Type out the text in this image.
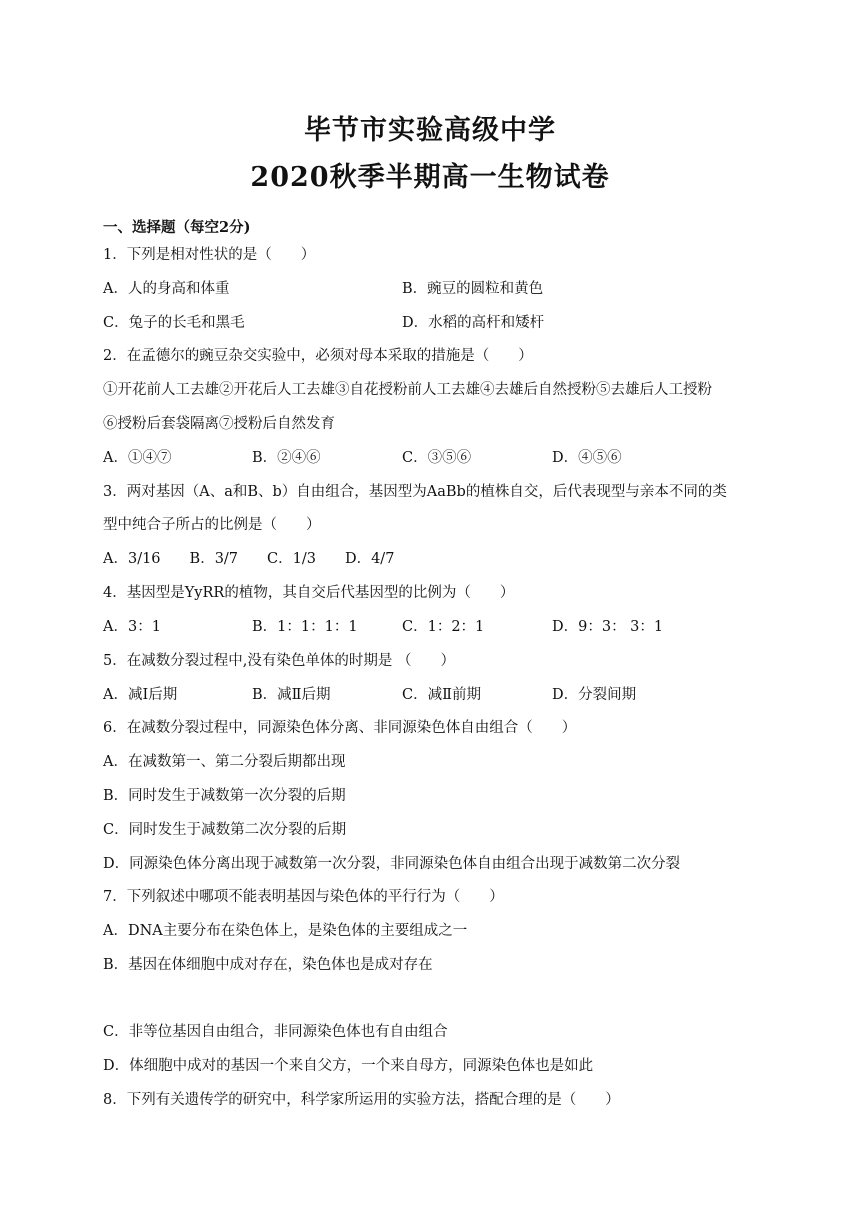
毕节市实验高级中学
2020秋季半期高一生物试卷
一、选择题（每空2分)
1．下列是相对性状的是（　　）
A．人的身高和体重	B．豌豆的圆粒和黄色
C．兔子的长毛和黑毛	D．水稻的高杆和矮杆
2．在孟德尔的豌豆杂交实验中，必须对母本采取的措施是（　　）
①开花前人工去雄②开花后人工去雄③自花授粉前人工去雄④去雄后自然授粉⑤去雄后人工授粉
⑥授粉后套袋隔离⑦授粉后自然发育
A．①④⑦	B．②④⑥	C．③⑤⑥	D．④⑤⑥
3．两对基因（A、a和B、b）自由组合，基因型为AaBb的植株自交，后代表现型与亲本不同的类
型中纯合子所占的比例是（　　）
A．3/16　　B．3/7　　C．1/3　　D．4/7
4．基因型是YyRR的植物，其自交后代基因型的比例为（　　）
A．3：1	B．1：1：1：1	C．1：2：1	D．9：3： 3：1
5．在减数分裂过程中,没有染色单体的时期是 （　　）
A．减Ⅰ后期	B．减Ⅱ后期	C．减Ⅱ前期	D．分裂间期
6．在减数分裂过程中，同源染色体分离、非同源染色体自由组合（　　）
A．在减数第一、第二分裂后期都出现
B．同时发生于减数第一次分裂的后期
C．同时发生于减数第二次分裂的后期
D．同源染色体分离出现于减数第一次分裂，非同源染色体自由组合出现于减数第二次分裂
7．下列叙述中哪项不能表明基因与染色体的平行行为（　　）
A．DNA主要分布在染色体上，是染色体的主要组成之一
B．基因在体细胞中成对存在，染色体也是成对存在
C．非等位基因自由组合，非同源染色体也有自由组合
D．体细胞中成对的基因一个来自父方，一个来自母方，同源染色体也是如此
8．下列有关遗传学的研究中，科学家所运用的实验方法，搭配合理的是（　　）
